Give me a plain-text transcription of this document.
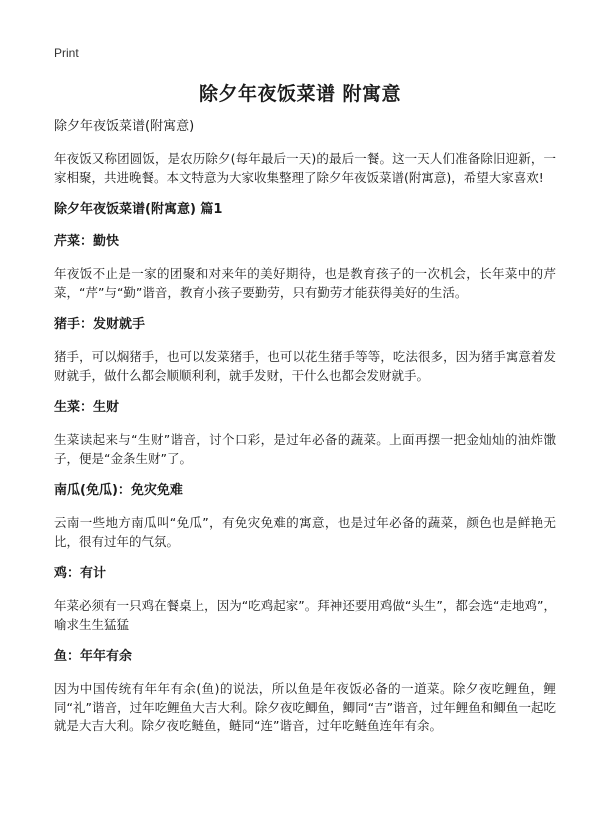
Print
除夕年夜饭菜谱 附寓意
除夕年夜饭菜谱(附寓意)

年夜饭又称团圆饭，是农历除夕(每年最后一天)的最后一餐。这一天人们准备除旧迎新，一家相聚，共进晚餐。本文特意为大家收集整理了除夕年夜饭菜谱(附寓意)，希望大家喜欢!

除夕年夜饭菜谱(附寓意) 篇1
芹菜：勤快

年夜饭不止是一家的团聚和对来年的美好期待，也是教育孩子的一次机会，长年菜中的芹菜，“芹”与“勤”谐音，教育小孩子要勤劳，只有勤劳才能获得美好的生活。

猪手：发财就手

猪手，可以焖猪手，也可以发菜猪手，也可以花生猪手等等，吃法很多，因为猪手寓意着发财就手，做什么都会顺顺利利，就手发财，干什么也都会发财就手。

生菜：生财

生菜读起来与“生财”谐音，讨个口彩，是过年必备的蔬菜。上面再摆一把金灿灿的油炸馓子，便是“金条生财”了。

南瓜(免瓜)：免灾免难

云南一些地方南瓜叫“免瓜”，有免灾免难的寓意，也是过年必备的蔬菜，颜色也是鲜艳无比，很有过年的气氛。

鸡：有计

年菜必须有一只鸡在餐桌上，因为“吃鸡起家”。拜神还要用鸡做“头生”，都会选“走地鸡”，喻求生生猛猛

鱼：年年有余

因为中国传统有年年有余(鱼)的说法，所以鱼是年夜饭必备的一道菜。除夕夜吃鲤鱼，鲤同“礼”谐音，过年吃鲤鱼大吉大利。除夕夜吃鲫鱼，鲫同“吉”谐音，过年鲤鱼和鲫鱼一起吃就是大吉大利。除夕夜吃鲢鱼，鲢同“连”谐音，过年吃鲢鱼连年有余。
